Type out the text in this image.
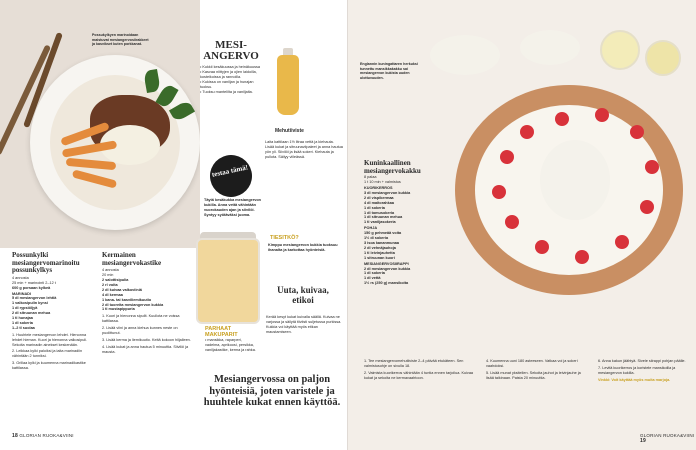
Possukylkyen marinoidaan maistuvat mesiangervosiirakkeet ja kasvikset kuten porkkanat.
Possunkylki mesiangervomarinoitu possunkylkys
4 annosta
25 min + marinointi 2–12 t
600 g porsaan kylkeä
MARINADI
5 dl mesiangervon lehtiä
1 valkosipulin kynsi
1 dl rypsiöljyä
2 dl sitruunan mehua
1 tl hunajaa
1 dl sokeria
1–2 tl suolaa
1. Huuhtele mesiangervon lehdet. Hienonna lehdet hieman. Kuori ja hienonna valkosipuli. Sekoita marinadin ainekset keskenään.
2. Leikkaa kylki paloiksi ja laita marinadiin vähintään 2 tunniksi.
3. Grillaa kylki ja kuumenna marinadikastike kattilassa.
Kermainen mesiangervokastike
4 annosta
20 min
2 salottisipulia
2 rl voita
2 dl kuivaa valkoviiniä
4 dl kermaa
1 kana- tai kasviliemikuutio
2 dl tuoreita mesiangervon kukkia
1 tl mustapippuria
1. Kuori ja hienonna sipulit. Kuullota ne voissa kattilassa.
2. Lisää viini ja anna kiehua kunnes neste on puolittunut.
3. Lisää kerma ja liemikuutio. Keitä kokoon hiljalleen.
4. Lisää kukat ja anna hautua 5 minuuttia. Siivilöi ja mausta.
MESI-ANGERVO
• Kukkii kesäkuussa ja heinäkuussa
• Kasvaa niittyjen ja ojien laidoilla, kosteikoissa ja rannoilla.
• Kukissa on vaniljan ja hunajan tuoksu.
• Tuoksu mantelilta ja vaniljalta.
testaa tämä!
Täytä kesäkukka mesiangervon kukilla. Anna vettä vähintään vuorokauden ajan ja siivilöi. Syntyy syötäväksi juoma.
PARHAAT MAKUPARIT
• mansikka, raparperi, vadelma, aprikoosi, persikka, vaniljakastike, kerma ja rahka.
Mehutiiviste
Laita kattilaan 1½ litraa vettä ja kiehauta. Lisää kukat ja sitruunaviipaleet ja anna hautua yön yli. Siivilöi ja lisää sokeri. Kiehauta ja pullota. Säilyy viileässä.
TIESITKÖ?
Kimppu mesiangervon kukkia tuoksuu ihanalta ja karkottaa hyönteisiä.
Uuta, kuivaa, etikoi
Kerää kesyt kukat kuivalla säällä. Kuivaa ne varjossa ja säilytä tiiviisti suljetussa purkissa. Kukkia voi käyttää myös etikan maustamiseen.
Mesiangervossa on paljon hyönteisiä, joten varistele ja huuhtele kukat ennen käyttöä.
18 GLORIAN RUOKA&VIINI
Englannin kuningattaren herkuksi tunnettu mansikkakakku sai mesiangervon kukista uuden ulottuvuuden.
Kuninkaallinen mesiangervokakku
8 palaa
1 t 10 min + valmistus
KUORIKERROS
3 dl mesiangervon kukkia
2 dl vispikermaa
4 dl maitorahkaa
1 dl sokeria
1 dl tomusokeria
1 dl sitruunan mehua
1 tl vaniljasokeria
POHJA
150 g pehmeää voita
1½ dl sokeria
3 isoa kananmunaa
2 dl vehnäjauhoja
1 tl leivinjauhetta
1 sitruunan kuori
MESIANGERVOSIIRAPPI
2 dl mesiangervon kukkia
1 dl sokeria
1 dl vettä
1½ rs (250 g) mansikoita
1. Tee mesiangervomehutiiviste 2–4 päivää etukäteen. Sen valmistusohje on sivulla 18.
2. Valmista kuorikerros vähintään 4 tuntia ennen tarjoilua. Kuivaa kukat ja sekoita ne kermavaahtoon.
4. Kuumenna uuni 180 asteeseen. Vatkaa voi ja sokeri vaahdoksi.
5. Lisää munat yksitellen. Sekoita jauhot ja leivinjauhe ja lisää taikinaan. Paista 20 minuuttia.
6. Anna kakun jäähtyä. Sivele siirappi pohjan päälle.
7. Levitä kuorikerros ja koristele mansikoilla ja mesiangervon kukilla.
Vinkki: Voit käyttää myös muita marjoja.
GLORIAN RUOKA&VIINI 19
